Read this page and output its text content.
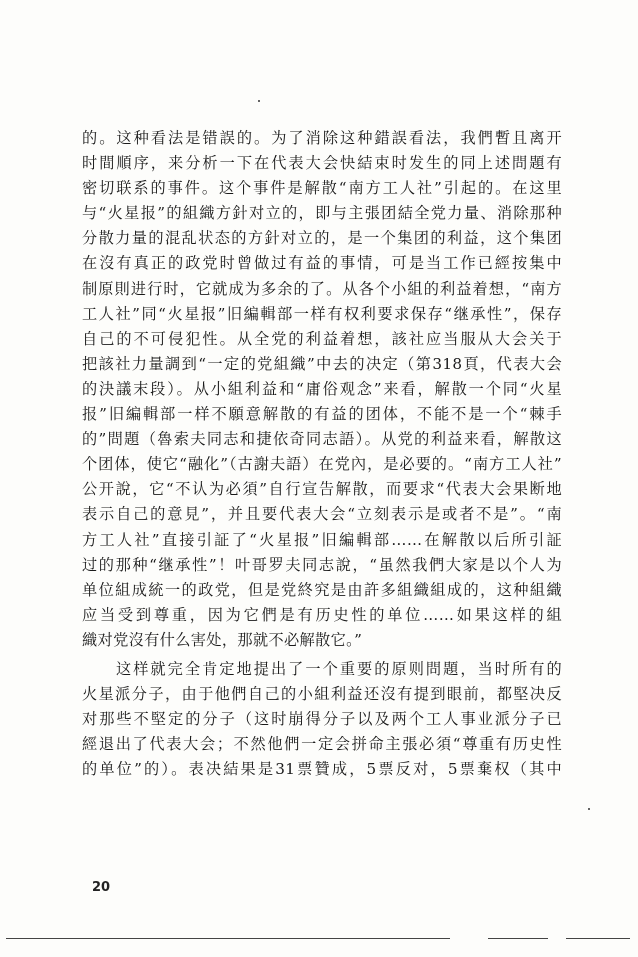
的。这种看法是错誤的。为了消除这种錯誤看法，我們暫且离开
时間順序，来分析一下在代表大会快結束时发生的同上述問題有
密切联系的事件。这个事件是解散“南方工人社”引起的。在这里
与“火星报”的組織方針对立的，即与主張团結全党力量、消除那种
分散力量的混乱状态的方針对立的，是一个集团的利益，这个集团
在沒有真正的政党时曾做过有益的事情，可是当工作已經按集中
制原則进行时，它就成为多余的了。从各个小組的利益着想，“南方
工人社”同“火星报”旧編輯部一样有权利要求保存“继承性”，保存
自己的不可侵犯性。从全党的利益着想，該社应当服从大会关于
把該社力量調到“一定的党組織”中去的决定（第318頁，代表大会
的決議末段）。从小組利益和“庸俗观念”来看，解散一个同“火星
报”旧編輯部一样不願意解散的有益的团体，不能不是一个“棘手
的”問題（魯索夫同志和捷依奇同志語）。从党的利益来看，解散这
个团体，使它“融化”（古謝夫語）在党內，是必要的。“南方工人社”
公开說，它“不认为必須”自行宣告解散，而要求“代表大会果断地
表示自己的意見”，并且要代表大会“立刻表示是或者不是”。“南
方工人社”直接引証了“火星报”旧編輯部……在解散以后所引証
过的那种“继承性”！叶哥罗夫同志說，“虽然我們大家是以个人为
单位組成統一的政党，但是党終究是由許多組織組成的，这种組織
应当受到尊重，因为它們是有历史性的单位……如果这样的組
織对党沒有什么害处，那就不必解散它。”
这样就完全肯定地提出了一个重要的原则問題，当时所有的
火星派分子，由于他們自己的小組利益还沒有提到眼前，都堅决反
对那些不堅定的分子（这时崩得分子以及两个工人事业派分子已
經退出了代表大会；不然他們一定会拼命主張必須“尊重有历史性
的单位”的）。表决結果是31票贊成，5票反对，5票棄权（其中
20
